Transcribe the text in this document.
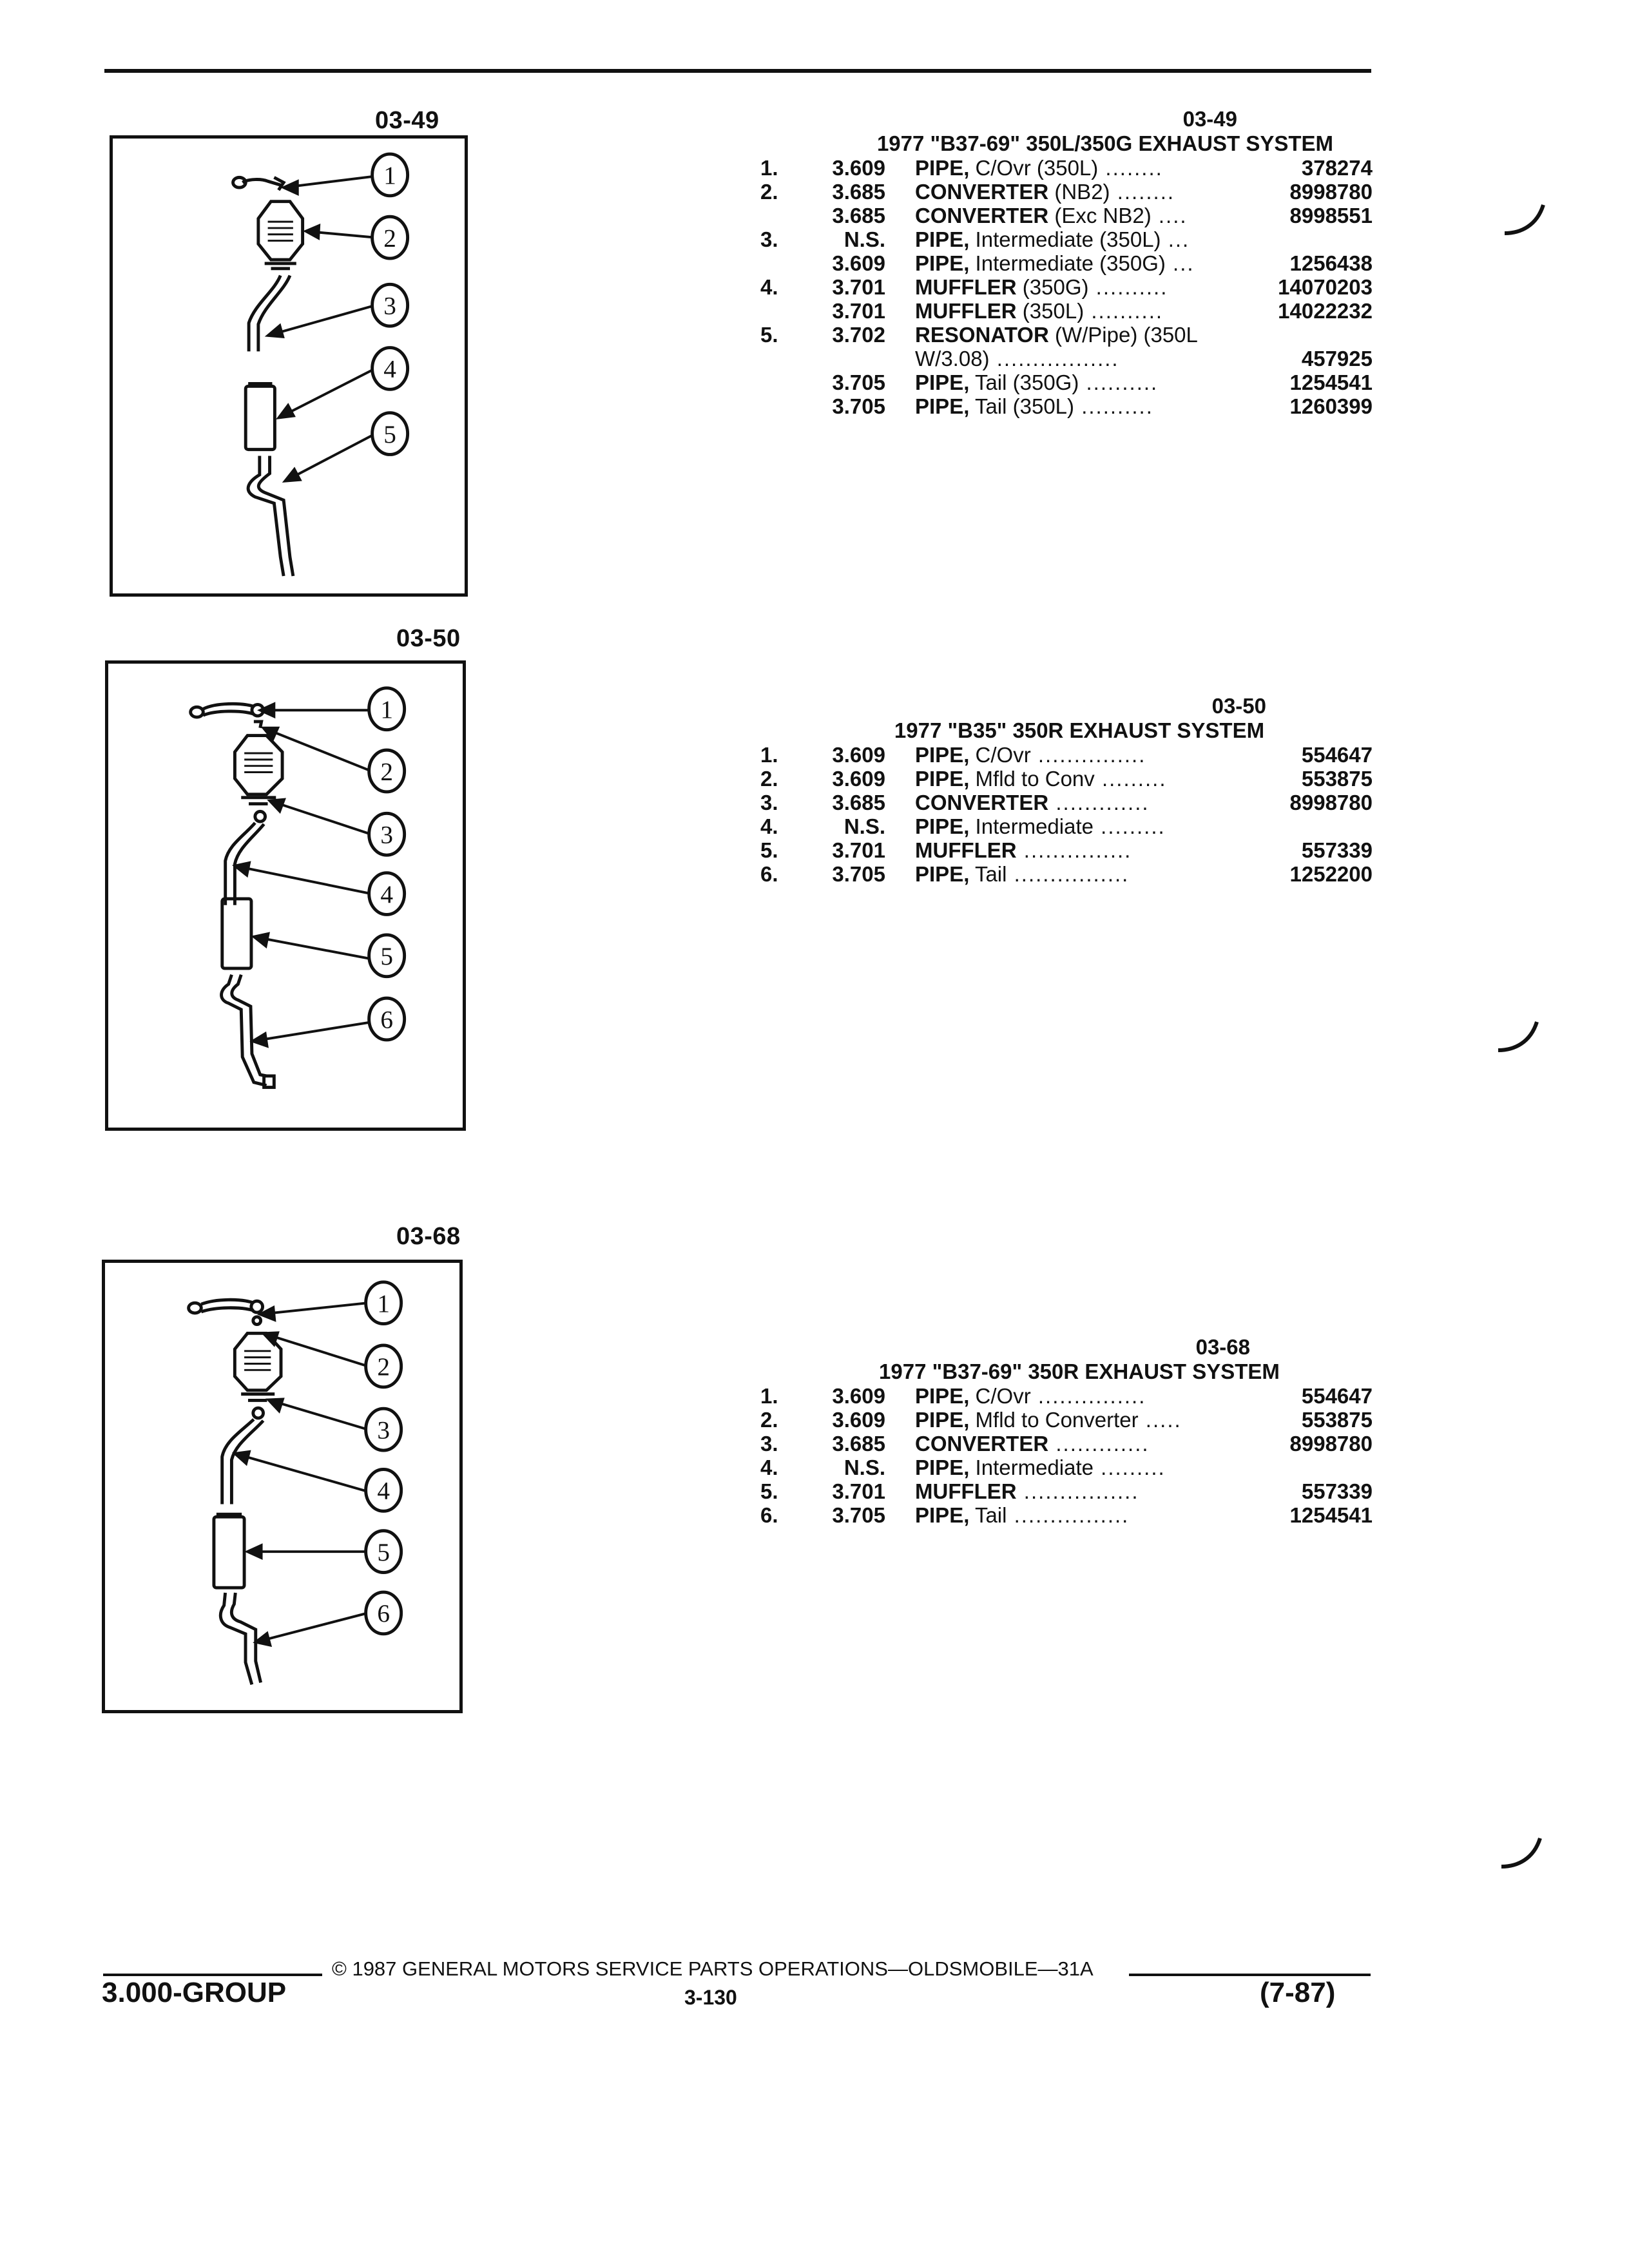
03-49
1
2
3
4
5
03-50
1
2
3
4
5
6
03-68
1
2
3
4
5
6
03-49
1977 "B37-69" 350L/350G EXHAUST SYSTEM
1.	3.609 PIPE, C/Ovr (350L) ........	378274
2.	3.685 CONVERTER (NB2) ........	8998780
3.685 CONVERTER (Exc NB2) ....	8998551
3.	N.S. PIPE, Intermediate (350L) ...
3.609 PIPE, Intermediate (350G) ...	1256438
4.	3.701 MUFFLER (350G) ..........	14070203
3.701 MUFFLER (350L) ..........	14022232
5.	3.702 RESONATOR (W/Pipe) (350L
W/3.08) .................	457925
3.705 PIPE, Tail (350G) ..........	1254541
3.705 PIPE, Tail (350L) ..........	1260399
03-50
1977 "B35" 350R EXHAUST SYSTEM
1.	3.609 PIPE, C/Ovr ...............	554647
2.	3.609 PIPE, Mfld to Conv .........	553875
3.	3.685 CONVERTER .............	8998780
4.	N.S. PIPE, Intermediate .........
5.	3.701 MUFFLER ...............	557339
6.	3.705 PIPE, Tail ................	1252200
03-68
1977 "B37-69" 350R EXHAUST SYSTEM
1.	3.609 PIPE, C/Ovr ...............	554647
2.	3.609 PIPE, Mfld to Converter .....	553875
3.	3.685 CONVERTER .............	8998780
4.	N.S. PIPE, Intermediate .........
5.	3.701 MUFFLER ................	557339
6.	3.705 PIPE, Tail ................	1254541
© 1987 GENERAL MOTORS SERVICE PARTS OPERATIONS—OLDSMOBILE—31A
3.000-GROUP	3-130	(7-87)
